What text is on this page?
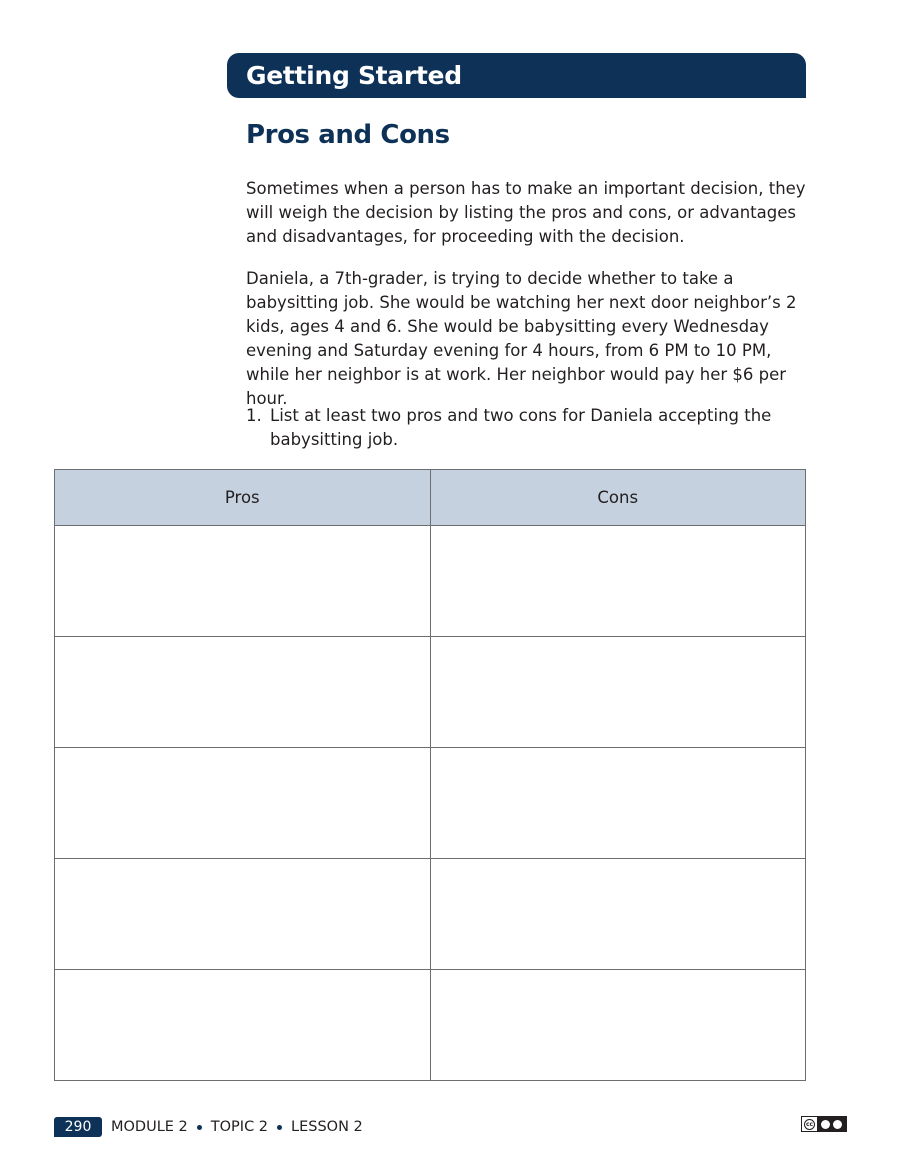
Getting Started
Pros and Cons

Sometimes when a person has to make an important decision, they will weigh the decision by listing the pros and cons, or advantages and disadvantages, for proceeding with the decision.

Daniela, a 7th-grader, is trying to decide whether to take a babysitting job. She would be watching her next door neighbor’s 2 kids, ages 4 and 6. She would be babysitting every Wednesday evening and Saturday evening for 4 hours, from 6 PM to 10 PM, while her neighbor is at work. Her neighbor would pay her $6 per hour.

1. List at least two pros and two cons for Daniela accepting the babysitting job.
Pros	Cons

290	MODULE 2 TOPIC 2 LESSON 2	cc
